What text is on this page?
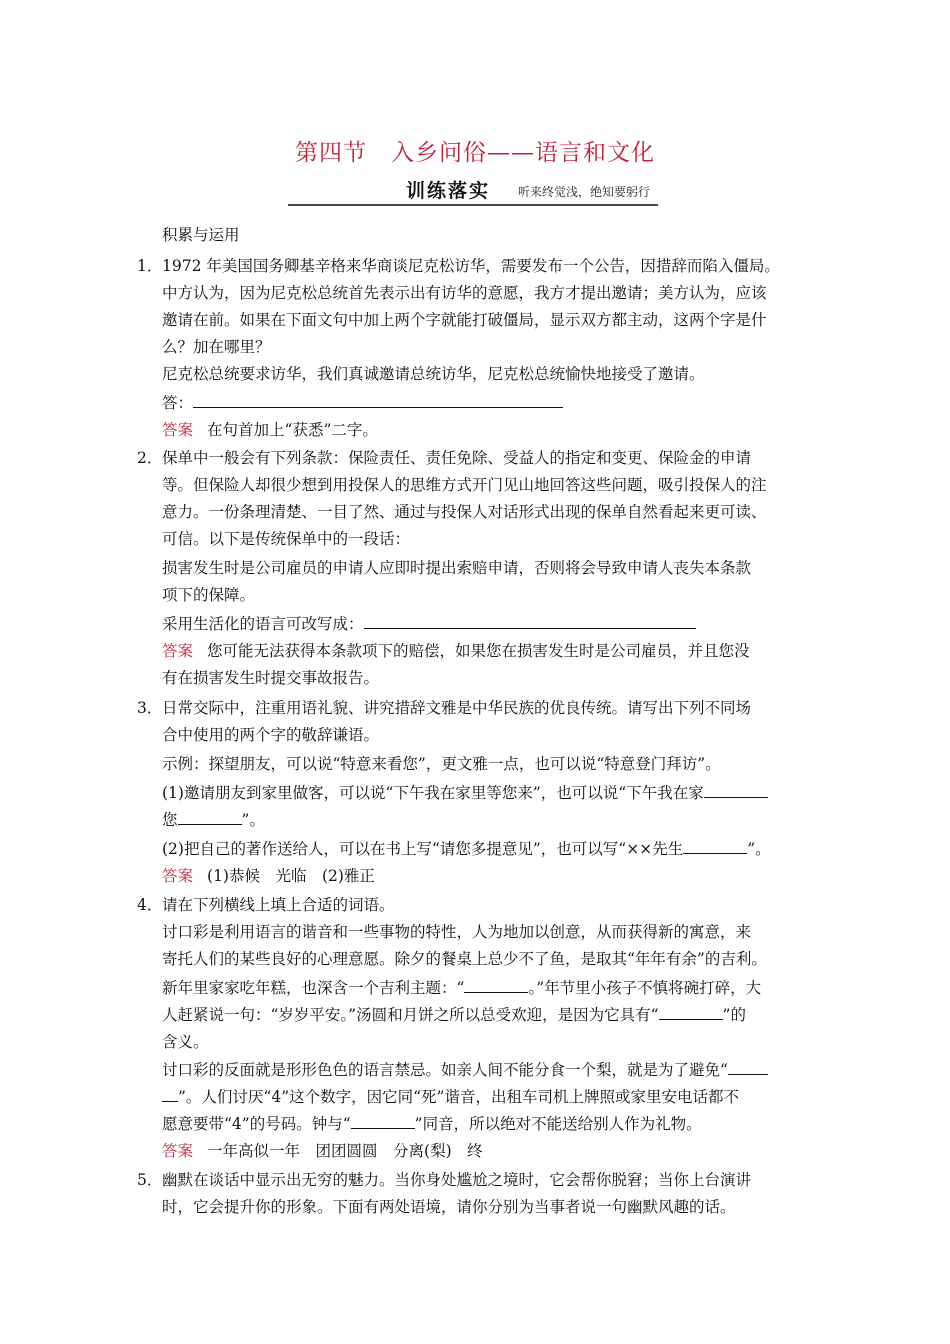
第四节　入乡问俗——语言和文化
训练落实 听来终觉浅，绝知要躬行
积累与运用
1． 1972 年美国国务卿基辛格来华商谈尼克松访华，需要发布一个公告，因措辞而陷入僵局。
中方认为，因为尼克松总统首先表示出有访华的意愿，我方才提出邀请；美方认为，应该
邀请在前。如果在下面文句中加上两个字就能打破僵局，显示双方都主动，这两个字是什
么？加在哪里？
尼克松总统要求访华，我们真诚邀请总统访华，尼克松总统愉快地接受了邀请。
答：
答案 在句首加上“获悉”二字。
2． 保单中一般会有下列条款：保险责任、责任免除、受益人的指定和变更、保险金的申请
等。但保险人却很少想到用投保人的思维方式开门见山地回答这些问题，吸引投保人的注
意力。一份条理清楚、一目了然、通过与投保人对话形式出现的保单自然看起来更可读、
可信。以下是传统保单中的一段话：
损害发生时是公司雇员的申请人应即时提出索赔申请，否则将会导致申请人丧失本条款
项下的保障。
采用生活化的语言可改写成：
答案 您可能无法获得本条款项下的赔偿，如果您在损害发生时是公司雇员，并且您没
有在损害发生时提交事故报告。
3． 日常交际中，注重用语礼貌、讲究措辞文雅是中华民族的优良传统。请写出下列不同场
合中使用的两个字的敬辞谦语。
示例：探望朋友，可以说“特意来看您”，更文雅一点，也可以说“特意登门拜访”。
(1)邀请朋友到家里做客，可以说“下午我在家里等您来”，也可以说“下午我在家
您	”。
(2)把自己的著作送给人，可以在书上写“请您多提意见”，也可以写“××先生	”。
答案 (1)恭候　光临　(2)雅正
4． 请在下列横线上填上合适的词语。
讨口彩是利用语言的谐音和一些事物的特性，人为地加以创意，从而获得新的寓意，来
寄托人们的某些良好的心理意愿。除夕的餐桌上总少不了鱼，是取其“年年有余”的吉利。
新年里家家吃年糕，也深含一个吉利主题：“	。”年节里小孩子不慎将碗打碎，大
人赶紧说一句：“岁岁平安。”汤圆和月饼之所以总受欢迎，是因为它具有“	”的
含义。
讨口彩的反面就是形形色色的语言禁忌。如亲人间不能分食一个梨，就是为了避免“
”。人们讨厌“4”这个数字，因它同“死”谐音，出租车司机上牌照或家里安电话都不
愿意要带“4”的号码。钟与“	”同音，所以绝对不能送给别人作为礼物。
答案 一年高似一年　团团圆圆　分离(梨)　终
5． 幽默在谈话中显示出无穷的魅力。当你身处尴尬之境时，它会帮你脱窘；当你上台演讲
时，它会提升你的形象。下面有两处语境，请你分别为当事者说一句幽默风趣的话。
